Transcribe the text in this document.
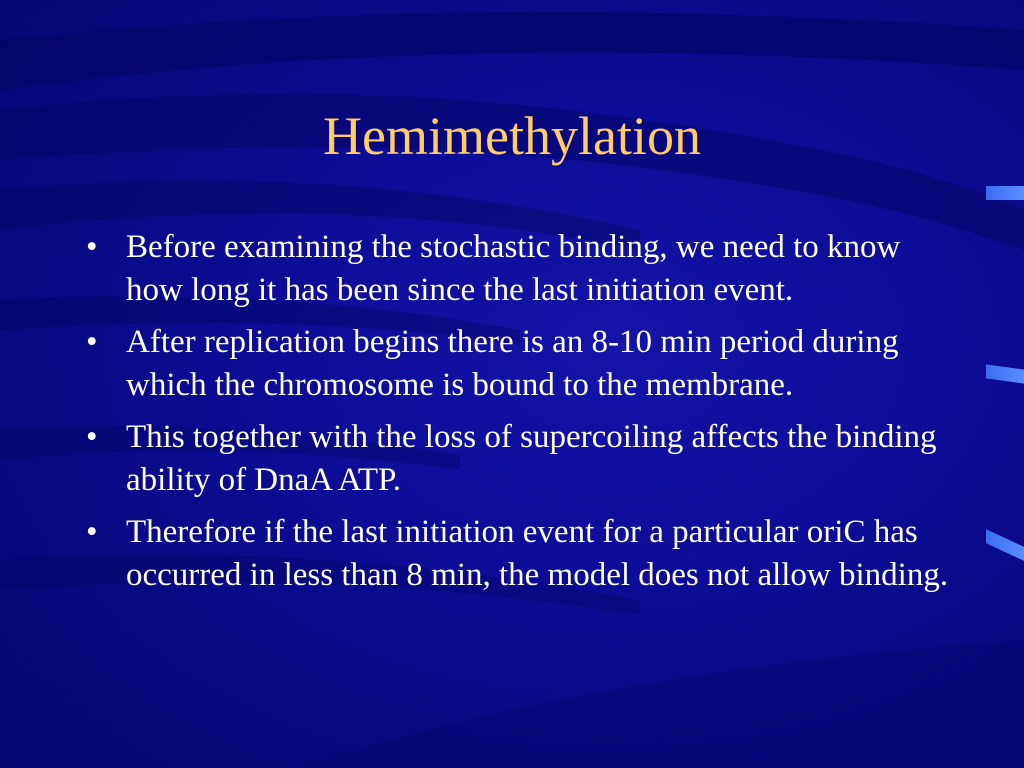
Hemimethylation
• Before examining the stochastic binding, we need to know how long it has been since the last initiation event.
• After replication begins there is an 8-10 min period during which the chromosome is bound to the membrane.
• This together with the loss of supercoiling affects the binding ability of DnaA ATP.
• Therefore if the last initiation event for a particular oriC has occurred in less than 8 min, the model does not allow binding.
